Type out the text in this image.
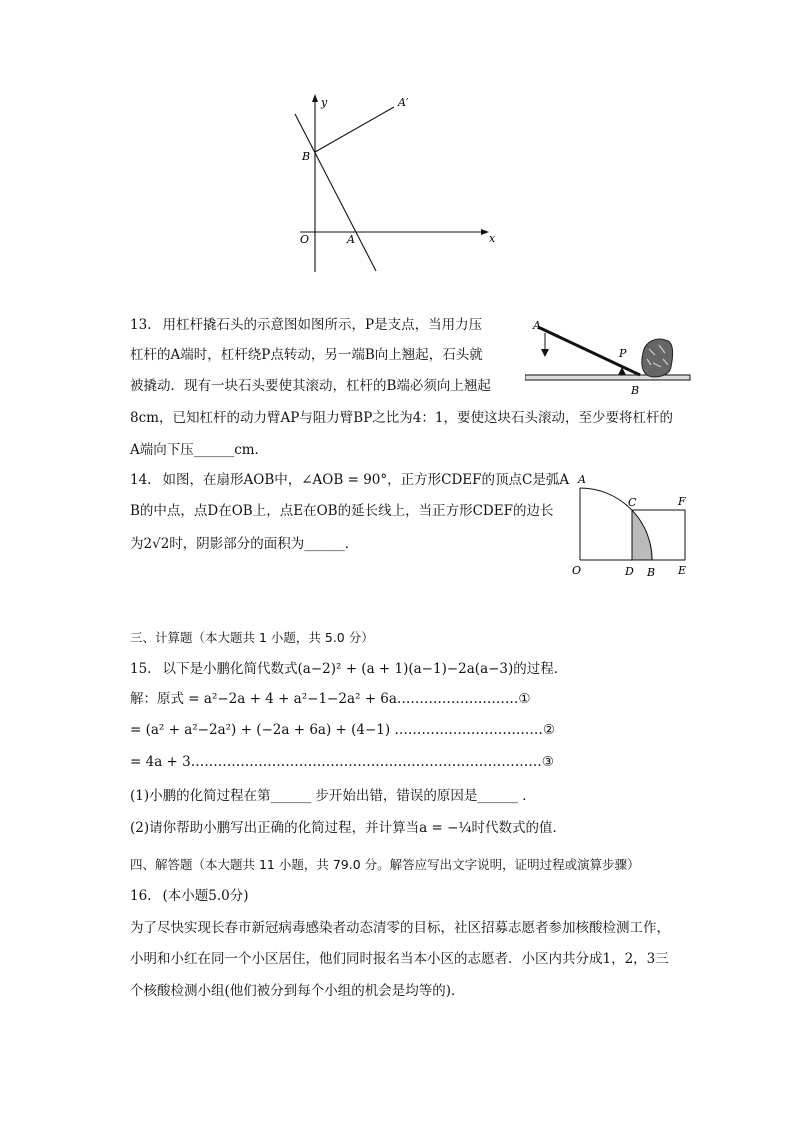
y
x
O	A
B
A′
13.  用杠杆撬石头的示意图如图所示，P是支点，当用力压
杠杆的A端时，杠杆绕P点转动，另一端B向上翘起，石头就
被撬动．现有一块石头要使其滚动，杠杆的B端必须向上翘起
8cm，已知杠杆的动力臂AP与阻力臂BP之比为4：1，要使这块石头滚动，至少要将杠杆的
A端向下压______cm．
A
P
B
14.  如图，在扇形AOB中，∠AOB = 90°，正方形CDEF的顶点C是弧A
B的中点，点D在OB上，点E在OB的延长线上，当正方形CDEF的边长
为2√2时，阴影部分的面积为______．
A
C	F
O	D B E
三、计算题（本大题共 1 小题，共 5.0 分）
15.  以下是小鹏化简代数式(a−2)² + (a + 1)(a−1)−2a(a−3)的过程．
解：原式 = a²−2a + 4 + a²−1−2a² + 6a………………………①
= (a² + a²−2a²) + (−2a + 6a) + (4−1) ……………………………②
= 4a + 3……………………………………………………………………③
(1)小鹏的化简过程在第______ 步开始出错，错误的原因是______ ．
(2)请你帮助小鹏写出正确的化简过程，并计算当a = −¼时代数式的值．
四、解答题（本大题共 11 小题，共 79.0 分。解答应写出文字说明，证明过程或演算步骤）
16.  (本小题5.0分)
为了尽快实现长春市新冠病毒感染者动态清零的目标，社区招募志愿者参加核酸检测工作，
小明和小红在同一个小区居住，他们同时报名当本小区的志愿者．小区内共分成1，2，3三
个核酸检测小组(他们被分到每个小组的机会是均等的)．
